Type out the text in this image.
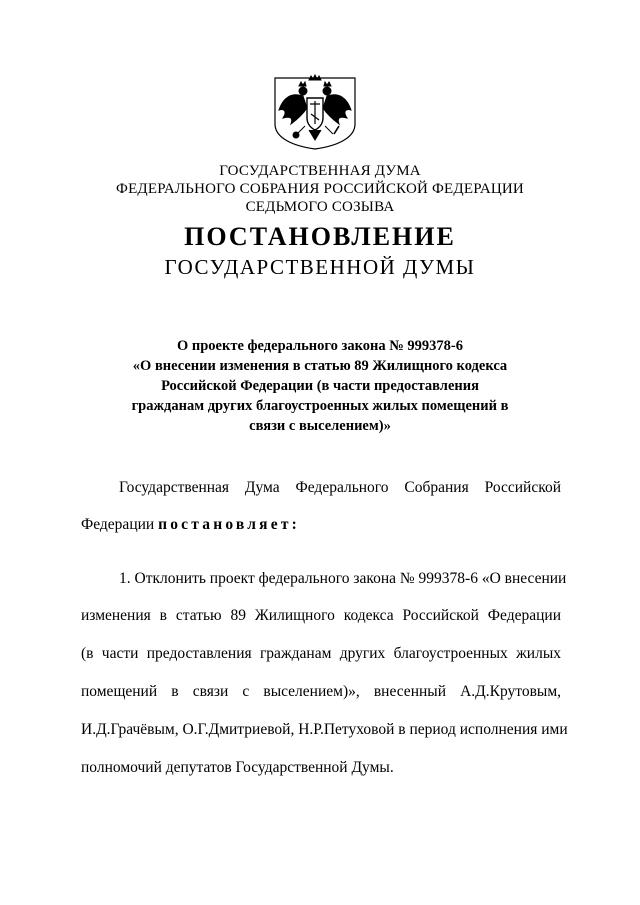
ГОСУДАРСТВЕННАЯ ДУМА
ФЕДЕРАЛЬНОГО СОБРАНИЯ РОССИЙСКОЙ ФЕДЕРАЦИИ
СЕДЬМОГО СОЗЫВА
ПОСТАНОВЛЕНИЕ
ГОСУДАРСТВЕННОЙ ДУМЫ
О проекте федерального закона № 999378-6
«О внесении изменения в статью 89 Жилищного кодекса
Российской Федерации (в части предоставления
гражданам других благоустроенных жилых помещений в
связи с выселением)»
Государственная Дума Федерального Собрания Российской
Федерации постановляет:
1. Отклонить проект федерального закона № 999378-6 «О внесении
изменения в статью 89 Жилищного кодекса Российской Федерации
(в части предоставления гражданам других благоустроенных жилых
помещений в связи с выселением)», внесенный А.Д.Крутовым,
И.Д.Грачёвым, О.Г.Дмитриевой, Н.Р.Петуховой в период исполнения ими
полномочий депутатов Государственной Думы.
